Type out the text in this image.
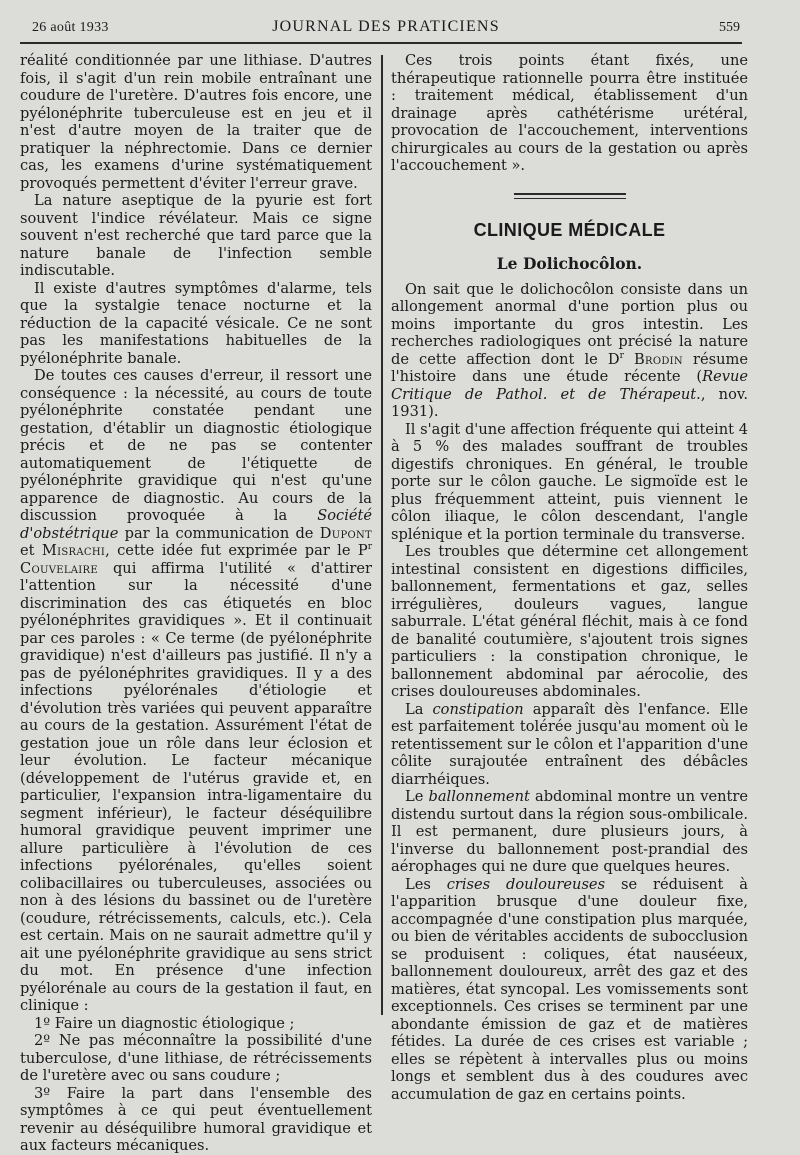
26 août 1933	JOURNAL DES PRATICIENS	559

réalité conditionnée par une lithiase. D'autres fois, il s'agit d'un rein mobile entraînant une coudure de l'uretère. D'autres fois encore, une pyélonéphrite tuberculeuse est en jeu et il n'est d'autre moyen de la traiter que de pratiquer la néphrectomie. Dans ce dernier cas, les examens d'urine systématiquement provoqués permettent d'éviter l'erreur grave.

La nature aseptique de la pyurie est fort souvent l'indice révélateur. Mais ce signe souvent n'est recherché que tard parce que la nature banale de l'infection semble indiscutable.

Il existe d'autres symptômes d'alarme, tels que la systalgie tenace nocturne et la réduction de la capacité vésicale. Ce ne sont pas les manifestations habituelles de la pyélonéphrite banale.

De toutes ces causes d'erreur, il ressort une conséquence : la nécessité, au cours de toute pyélonéphrite constatée pendant une gestation, d'établir un diagnostic étiologique précis et de ne pas se contenter automatiquement de l'étiquette de pyélonéphrite gravidique qui n'est qu'une apparence de diagnostic. Au cours de la discussion provoquée à la Société d'obstétrique par la communication de Dupont et Misrachi, cette idée fut exprimée par le $P^r$ Couvelaire qui affirma l'utilité « d'attirer l'attention sur la nécessité d'une discrimination des cas étiquetés en bloc pyélonéphrites gravidiques ». Et il continuait par ces paroles : « Ce terme (de pyélonéphrite gravidique) n'est d'ailleurs pas justifié. Il n'y a pas de pyélonéphrites gravidiques. Il y a des infections pyélorénales d'étiologie et d'évolution très variées qui peuvent apparaître au cours de la gestation. Assurément l'état de gestation joue un rôle dans leur éclosion et leur évolution. Le facteur mécanique (développement de l'utérus gravide et, en particulier, l'expansion intra-ligamentaire du segment inférieur), le facteur déséquilibre humoral gravidique peuvent imprimer une allure particulière à l'évolution de ces infections pyélorénales, qu'elles soient colibacillaires ou tuberculeuses, associées ou non à des lésions du bassinet ou de l'uretère (coudure, rétrécissements, calculs, etc.). Cela est certain. Mais on ne saurait admettre qu'il y ait une pyélonéphrite gravidique au sens strict du mot. En présence d'une infection pyélorénale au cours de la gestation il faut, en clinique :

1º Faire un diagnostic étiologique ;

2º Ne pas méconnaître la possibilité d'une tuberculose, d'une lithiase, de rétrécissements de l'uretère avec ou sans coudure ;

3º Faire la part dans l'ensemble des symptômes à ce qui peut éventuellement revenir au déséquilibre humoral gravidique et aux facteurs mécaniques.

Ces trois points étant fixés, une thérapeutique rationnelle pourra être instituée : traitement médical, établissement d'un drainage après cathétérisme urétéral, provocation de l'accouchement, interventions chirurgicales au cours de la gestation ou après l'accouchement ».

CLINIQUE MÉDICALE
Le Dolichocôlon.

On sait que le dolichocôlon consiste dans un allongement anormal d'une portion plus ou moins importante du gros intestin. Les recherches radiologiques ont précisé la nature de cette affection dont le $D^r$ Brodin résume l'histoire dans une étude récente (Revue Critique de Pathol. et de Thérapeut., nov. 1931).

Il s'agit d'une affection fréquente qui atteint 4 à 5 % des malades souffrant de troubles digestifs chroniques. En général, le trouble porte sur le côlon gauche. Le sigmoïde est le plus fréquemment atteint, puis viennent le côlon iliaque, le côlon descendant, l'angle splénique et la portion terminale du transverse.

Les troubles que détermine cet allongement intestinal consistent en digestions difficiles, ballonnement, fermentations et gaz, selles irrégulières, douleurs vagues, langue saburrale. L'état général fléchit, mais à ce fond de banalité coutumière, s'ajoutent trois signes particuliers : la constipation chronique, le ballonnement abdominal par aérocolie, des crises douloureuses abdominales.

La constipation apparaît dès l'enfance. Elle est parfaitement tolérée jusqu'au moment où le retentissement sur le côlon et l'apparition d'une côlite surajoutée entraînent des débâcles diarrhéiques.

Le ballonnement abdominal montre un ventre distendu surtout dans la région sous-ombilicale. Il est permanent, dure plusieurs jours, à l'inverse du ballonnement post-prandial des aérophages qui ne dure que quelques heures.

Les crises douloureuses se réduisent à l'apparition brusque d'une douleur fixe, accompagnée d'une constipation plus marquée, ou bien de véritables accidents de subocclusion se produisent : coliques, état nauséeux, ballonnement douloureux, arrêt des gaz et des matières, état syncopal. Les vomissements sont exceptionnels. Ces crises se terminent par une abondante émission de gaz et de matières fétides. La durée de ces crises est variable ; elles se répètent à intervalles plus ou moins longs et semblent dus à des coudures avec accumulation de gaz en certains points.
